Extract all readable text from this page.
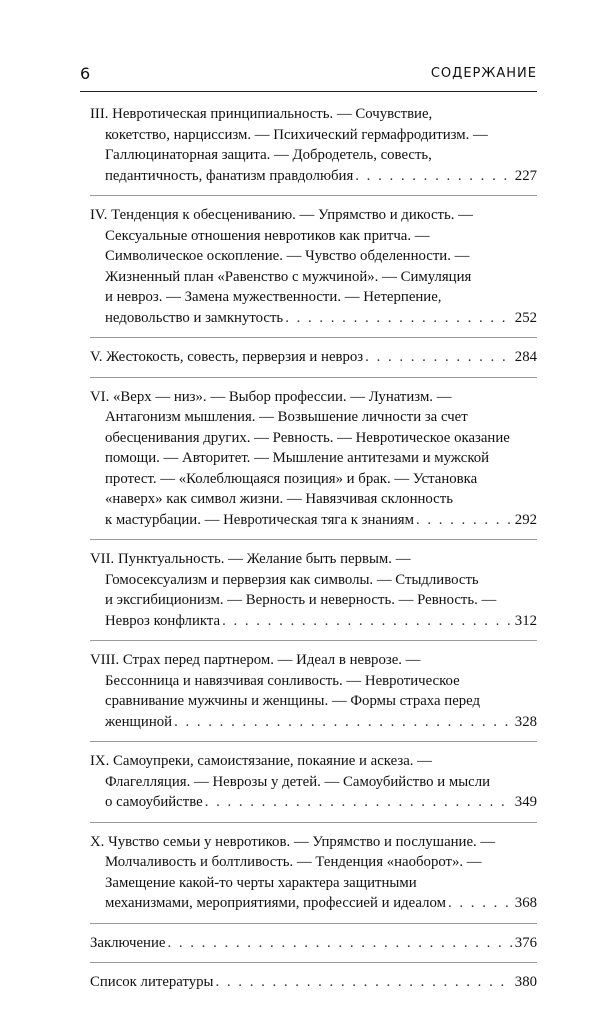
6	СОДЕРЖАНИЕ
III. Невротическая принципиальность. — Сочувствие,
кокетство, нарциссизм. — Психический гермафродитизм. —
Галлюцинаторная защита. — Добродетель, совесть,
педантичность, фанатизм правдолюбия . . .	227
IV. Тенденция к обесцениванию. — Упрямство и дикость. —
Сексуальные отношения невротиков как притча. —
Символическое оскопление. — Чувство обделенности. —
Жизненный план «Равенство с мужчиной». — Симуляция
и невроз. — Замена мужественности. — Нетерпение,
недовольство и замкнутость . . .	252
V. Жестокость, совесть, перверзия и невроз . . .	284
VI. «Верх — низ». — Выбор профессии. — Лунатизм. —
Антагонизм мышления. — Возвышение личности за счет
обесценивания других. — Ревность. — Невротическое оказание
помощи. — Авторитет. — Мышление антитезами и мужской
протест. — «Колеблющаяся позиция» и брак. — Установка
«наверх» как символ жизни. — Навязчивая склонность
к мастурбации. — Невротическая тяга к знаниям . . .	292
VII. Пунктуальность. — Желание быть первым. —
Гомосексуализм и перверзия как символы. — Стыдливость
и эксгибиционизм. — Верность и неверность. — Ревность. —
Невроз конфликта . . .	312
VIII. Страх перед партнером. — Идеал в неврозе. —
Бессонница и навязчивая сонливость. — Невротическое
сравнивание мужчины и женщины. — Формы страха перед
женщиной . . .	328
IX. Самоупреки, самоистязание, покаяние и аскеза. —
Флагелляция. — Неврозы у детей. — Самоубийство и мысли
о самоубийстве . . .	349
X. Чувство семьи у невротиков. — Упрямство и послушание. —
Молчаливость и болтливость. — Тенденция «наоборот». —
Замещение какой-то черты характера защитными
механизмами, мероприятиями, профессией и идеалом . . .	368
Заключение . . .	376
Список литературы . . .	380
